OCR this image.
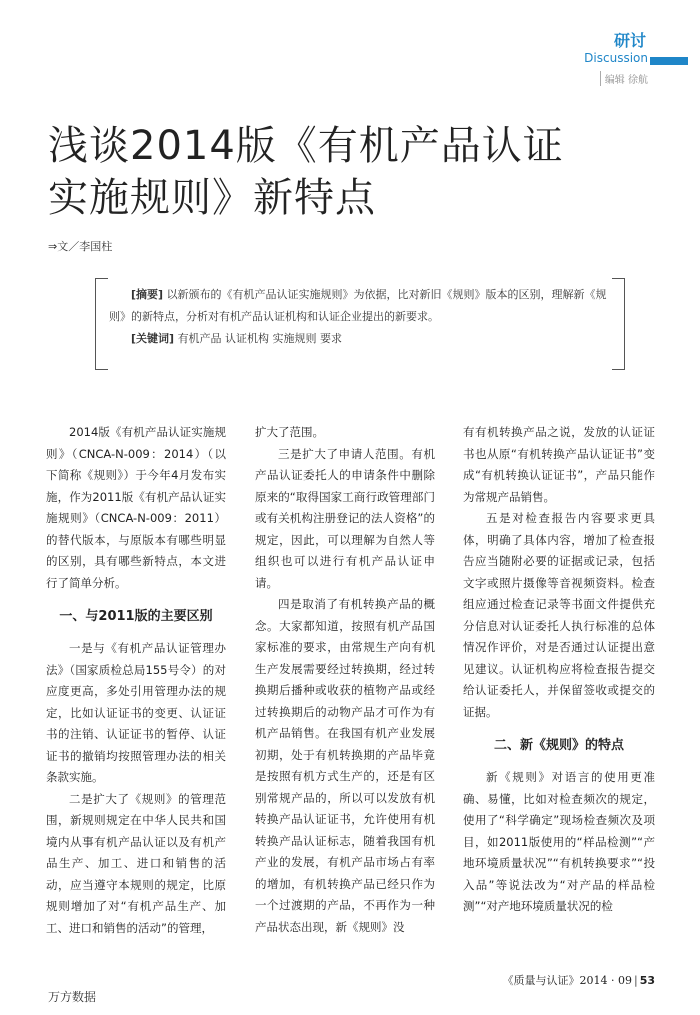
研讨
Discussion
编辑 徐航
浅谈2014版《有机产品认证
实施规则》新特点
⇒文／李国柱
[摘要] 以新颁布的《有机产品认证实施规则》为依据，比对新旧《规则》版本的区别，理解新《规则》的新特点，分析对有机产品认证机构和认证企业提出的新要求。
[关键词] 有机产品 认证机构 实施规则 要求

2014版《有机产品认证实施规则》（CNCA-N-009：2014）（以下简称《规则》）于今年4月发布实施，作为2011版《有机产品认证实施规则》（CNCA-N-009：2011）的替代版本，与原版本有哪些明显的区别，具有哪些新特点，本文进行了简单分析。

一、与2011版的主要区别

一是与《有机产品认证管理办法》（国家质检总局155号令）的对应度更高，多处引用管理办法的规定，比如认证证书的变更、认证证书的注销、认证证书的暂停、认证证书的撤销均按照管理办法的相关条款实施。

二是扩大了《规则》的管理范围，新规则规定在中华人民共和国境内从事有机产品认证以及有机产品生产、加工、进口和销售的活动，应当遵守本规则的规定，比原规则增加了对“有机产品生产、加工、进口和销售的活动”的管理，

扩大了范围。

三是扩大了申请人范围。有机产品认证委托人的申请条件中删除原来的“取得国家工商行政管理部门或有关机构注册登记的法人资格”的规定，因此，可以理解为自然人等组织也可以进行有机产品认证申请。

四是取消了有机转换产品的概念。大家都知道，按照有机产品国家标准的要求，由常规生产向有机生产发展需要经过转换期，经过转换期后播种或收获的植物产品或经过转换期后的动物产品才可作为有机产品销售。在我国有机产业发展初期，处于有机转换期的产品毕竟是按照有机方式生产的，还是有区别常规产品的，所以可以发放有机转换产品认证证书，允许使用有机转换产品认证标志，随着我国有机产业的发展，有机产品市场占有率的增加，有机转换产品已经只作为一个过渡期的产品，不再作为一种产品状态出现，新《规则》没

有有机转换产品之说，发放的认证证书也从原“有机转换产品认证证书”变成“有机转换认证证书”，产品只能作为常规产品销售。

五是对检查报告内容要求更具体，明确了具体内容，增加了检查报告应当随附必要的证据或记录，包括文字或照片摄像等音视频资料。检查组应通过检查记录等书面文件提供充分信息对认证委托人执行标准的总体情况作评价，对是否通过认证提出意见建议。认证机构应将检查报告提交给认证委托人，并保留签收或提交的证据。

二、新《规则》的特点

新《规则》对语言的使用更准确、易懂，比如对检查频次的规定，使用了“科学确定”现场检查频次及项目，如2011版使用的“样品检测”“产地环境质量状况”“有机转换要求”“投入品”等说法改为“对产品的样品检测”“对产地环境质量状况的检

《质量与认证》2014 · 09 | 53
万方数据
